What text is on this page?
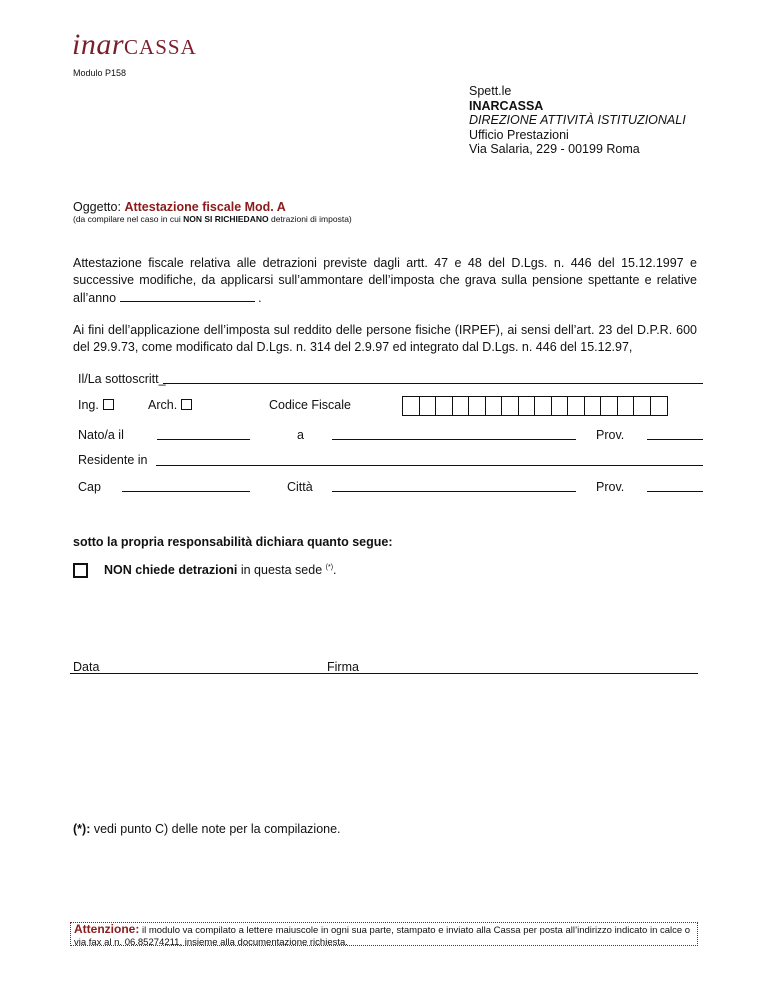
inarCASSA
Modulo P158
Spett.le
INARCASSA
DIREZIONE ATTIVITÀ ISTITUZIONALI
Ufficio Prestazioni
Via Salaria, 229 - 00199 Roma
Oggetto: Attestazione fiscale Mod. A
(da compilare nel caso in cui NON SI RICHIEDANO detrazioni di imposta)
Attestazione fiscale relativa alle detrazioni previste dagli artt. 47 e 48 del D.Lgs. n. 446 del 15.12.1997 e successive modifiche, da applicarsi sull’ammontare dell’imposta che grava sulla pensione spettante e relative all’anno	.
Ai fini dell’applicazione dell’imposta sul reddito delle persone fisiche (IRPEF), ai sensi dell’art. 23 del D.P.R. 600 del 29.9.73, come modificato dal D.Lgs. n. 314 del 2.9.97 ed integrato dal D.Lgs. n. 446 del 15.12.97,
Il/La sottoscritt_
Ing.	Arch.	Codice Fiscale
Nato/a il	a	Prov.
Residente in
Cap	Città	Prov.
sotto la propria responsabilità dichiara quanto segue:
NON chiede detrazioni in questa sede (*).
Data	Firma
(*): vedi punto C) delle note per la compilazione.
Attenzione: il modulo va compilato a lettere maiuscole in ogni sua parte, stampato e inviato alla Cassa per posta all’indirizzo indicato in calce o via fax al n. 06.85274211, insieme alla documentazione richiesta.
